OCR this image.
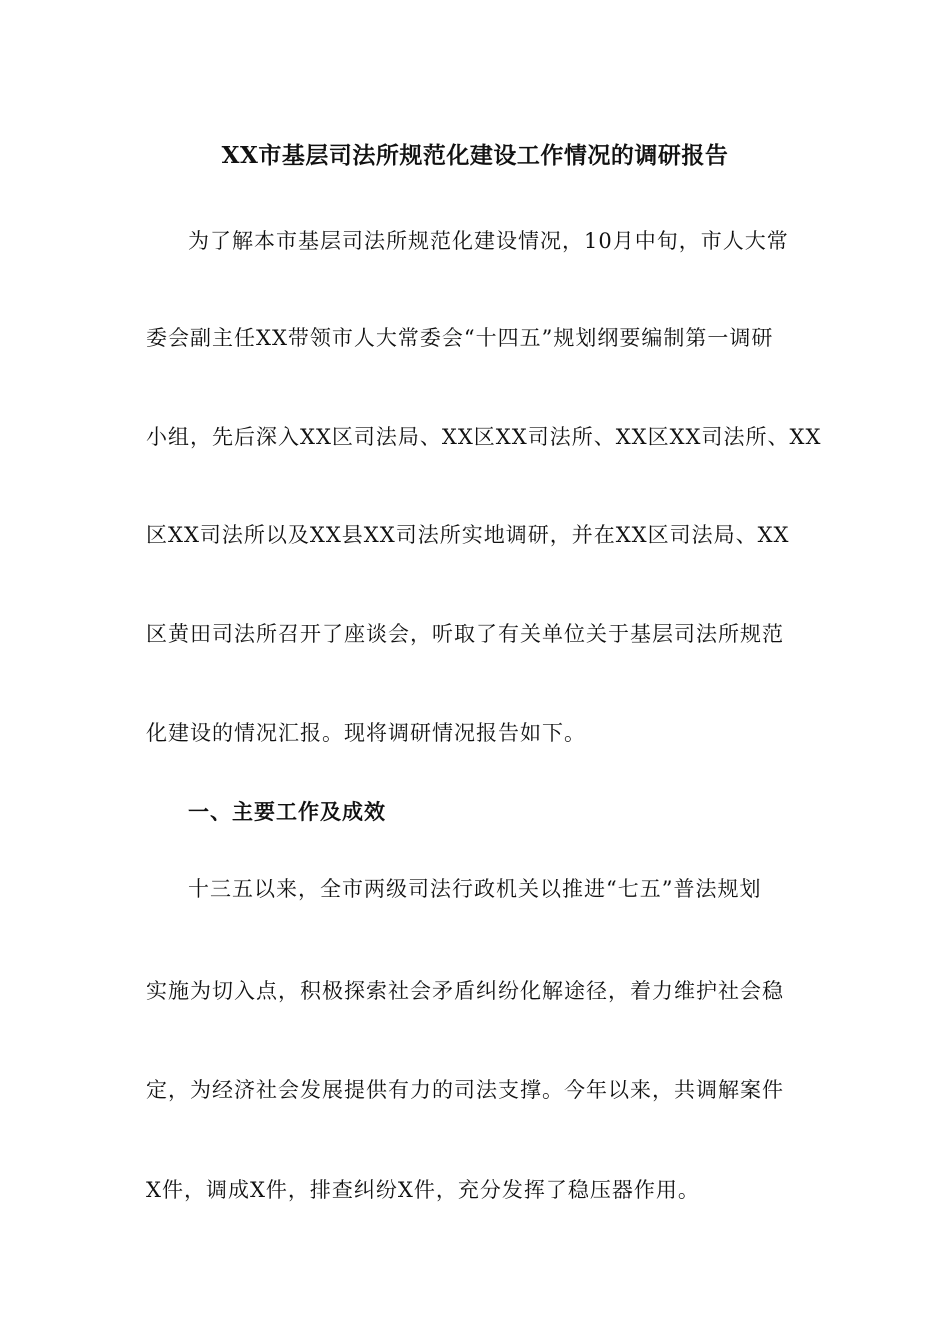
XX市基层司法所规范化建设工作情况的调研报告

为了解本市基层司法所规范化建设情况，10月中旬，市人大常

委会副主任XX带领市人大常委会“十四五”规划纲要编制第一调研

小组，先后深入XX区司法局、XX区XX司法所、XX区XX司法所、XX

区XX司法所以及XX县XX司法所实地调研，并在XX区司法局、XX

区黄田司法所召开了座谈会，听取了有关单位关于基层司法所规范

化建设的情况汇报。现将调研情况报告如下。

一、主要工作及成效

十三五以来，全市两级司法行政机关以推进“七五”普法规划

实施为切入点，积极探索社会矛盾纠纷化解途径，着力维护社会稳

定，为经济社会发展提供有力的司法支撑。今年以来，共调解案件

X件，调成X件，排查纠纷X件，充分发挥了稳压器作用。
